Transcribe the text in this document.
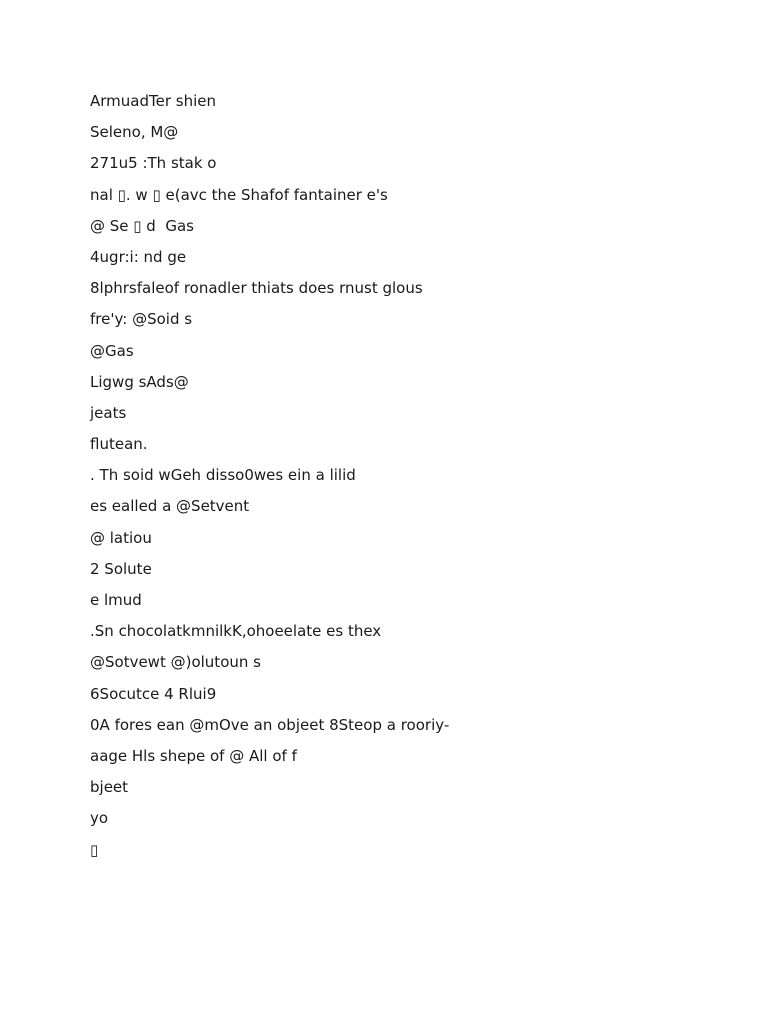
ArmuadTer shien
Seleno, M@
271u5 :Th stak o
nal ▯. w ▯ e(avc the Shafof fantainer e's
@ Se ▯ d  Gas
4ugr:i: nd ge
8lphrsfaleof ronadler thiats does rnust glous
fre'y: @Soid s
@Gas
Ligwg sAds@
jeats
flutean.
. Th soid wGeh disso0wes ein a lilid
es ealled a @Setvent
@ latiou
2 Solute
e lmud
.Sn chocolatkmnilkK,ohoeelate es thex
@Sotvewt @)olutoun s
6Socutce 4 Rlui9
0A fores ean @mOve an objeet 8Steop a rooriy-
aage Hls shepe of @ All of f
bjeet
yo
▯
